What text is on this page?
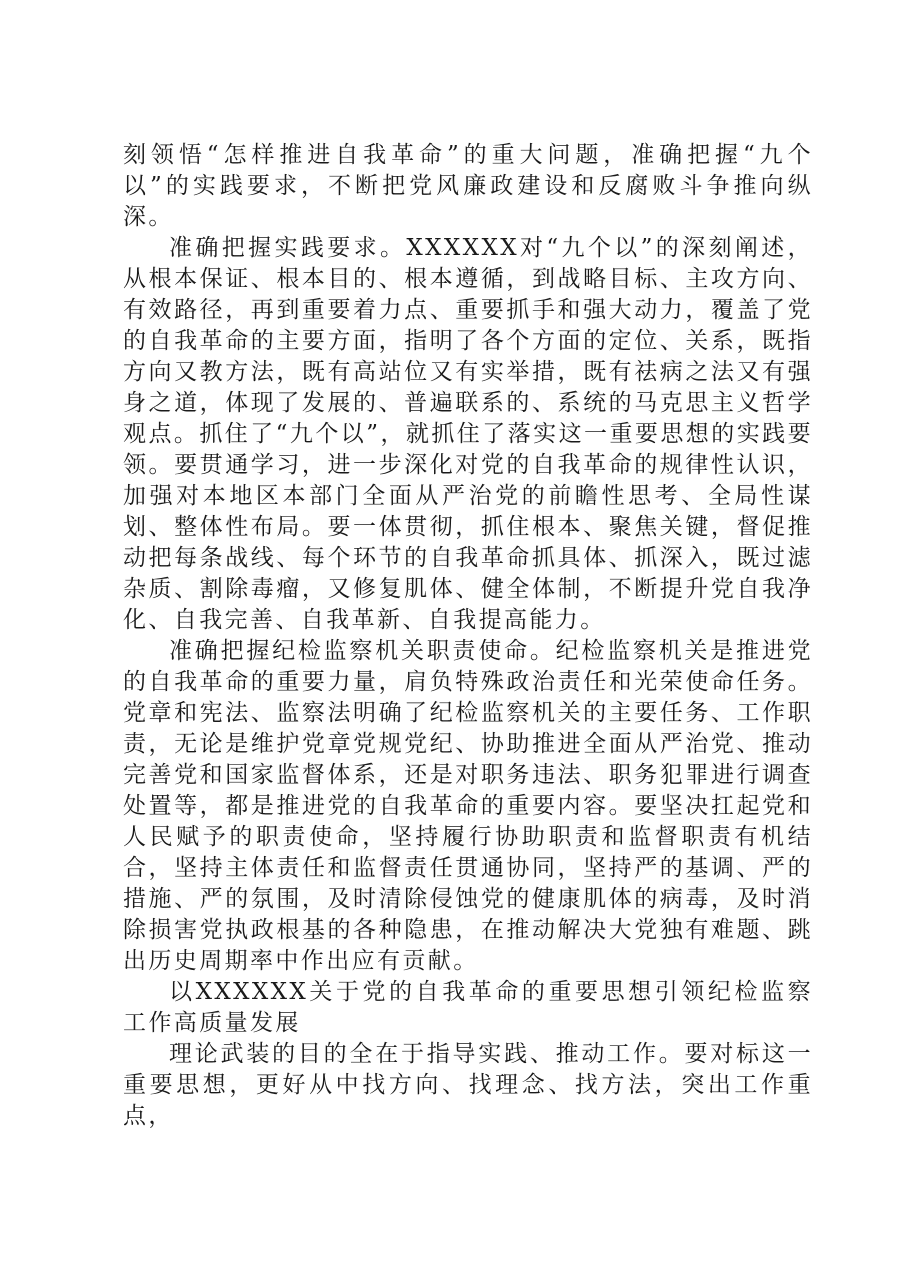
刻领悟“怎样推进自我革命”的重大问题，准确把握“九个以”的实践要求，不断把党风廉政建设和反腐败斗争推向纵深。

准确把握实践要求。XXXXXX对“九个以”的深刻阐述，从根本保证、根本目的、根本遵循，到战略目标、主攻方向、有效路径，再到重要着力点、重要抓手和强大动力，覆盖了党的自我革命的主要方面，指明了各个方面的定位、关系，既指方向又教方法，既有高站位又有实举措，既有祛病之法又有强身之道，体现了发展的、普遍联系的、系统的马克思主义哲学观点。抓住了“九个以”，就抓住了落实这一重要思想的实践要领。要贯通学习，进一步深化对党的自我革命的规律性认识，加强对本地区本部门全面从严治党的前瞻性思考、全局性谋划、整体性布局。要一体贯彻，抓住根本、聚焦关键，督促推动把每条战线、每个环节的自我革命抓具体、抓深入，既过滤杂质、割除毒瘤，又修复肌体、健全体制，不断提升党自我净化、自我完善、自我革新、自我提高能力。

准确把握纪检监察机关职责使命。纪检监察机关是推进党的自我革命的重要力量，肩负特殊政治责任和光荣使命任务。党章和宪法、监察法明确了纪检监察机关的主要任务、工作职责，无论是维护党章党规党纪、协助推进全面从严治党、推动完善党和国家监督体系，还是对职务违法、职务犯罪进行调查处置等，都是推进党的自我革命的重要内容。要坚决扛起党和人民赋予的职责使命，坚持履行协助职责和监督职责有机结合，坚持主体责任和监督责任贯通协同，坚持严的基调、严的措施、严的氛围，及时清除侵蚀党的健康肌体的病毒，及时消除损害党执政根基的各种隐患，在推动解决大党独有难题、跳出历史周期率中作出应有贡献。

以XXXXXX关于党的自我革命的重要思想引领纪检监察工作高质量发展

理论武装的目的全在于指导实践、推动工作。要对标这一重要思想，更好从中找方向、找理念、找方法，突出工作重点，
